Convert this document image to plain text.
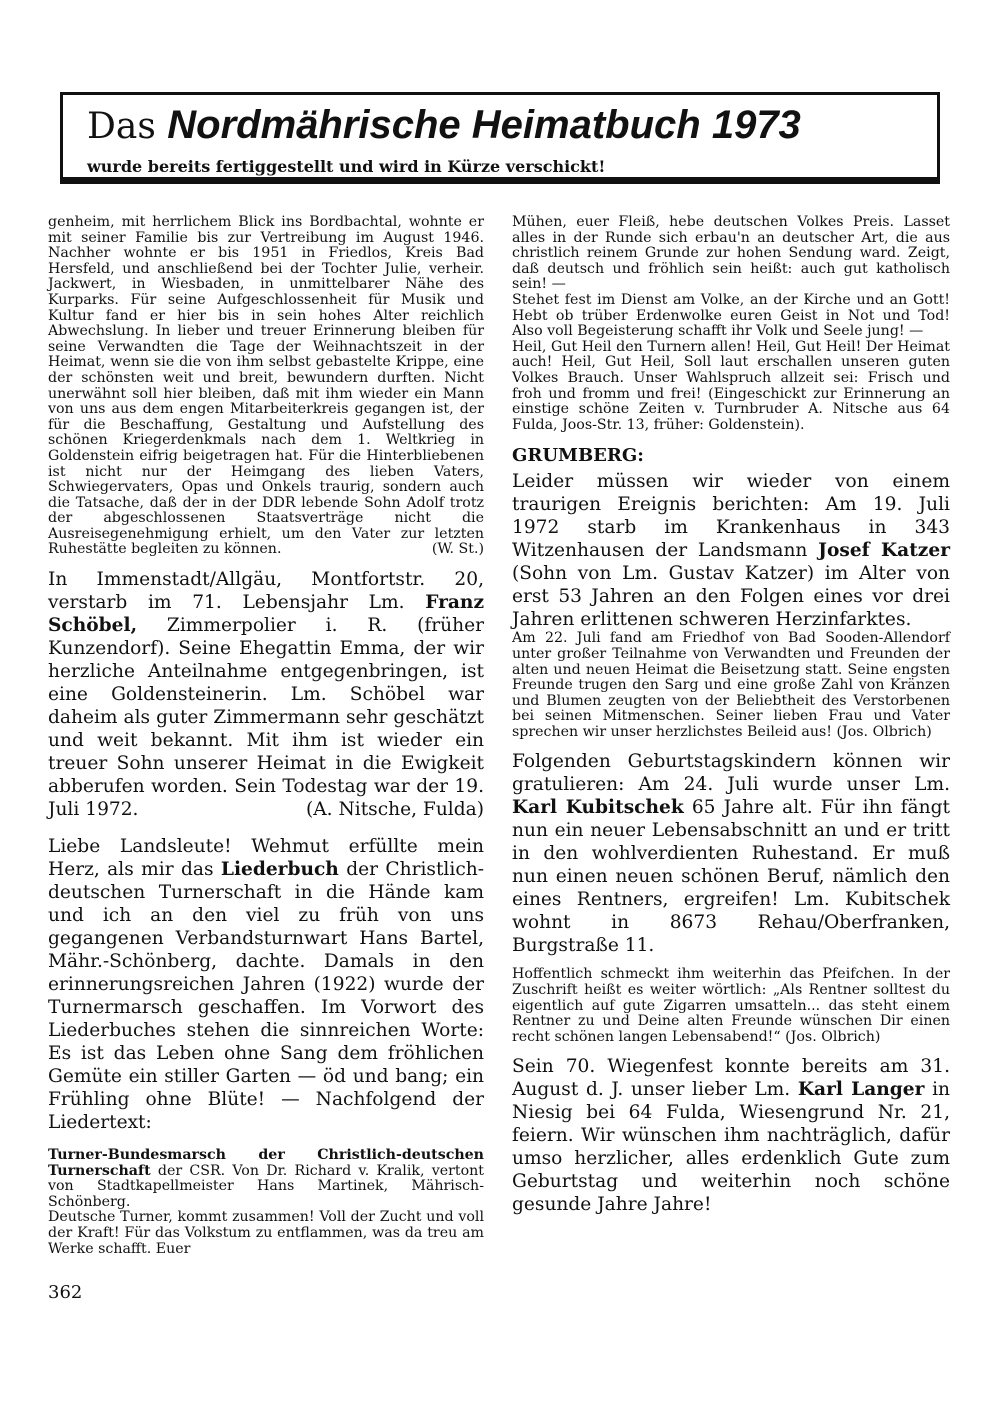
Das Nordmährische Heimatbuch 1973
wurde bereits fertiggestellt und wird in Kürze verschickt!

genheim, mit herrlichem Blick ins Bordbachtal, wohnte er mit seiner Familie bis zur Vertreibung im August 1946. Nachher wohnte er bis 1951 in Friedlos, Kreis Bad Hersfeld, und anschließend bei der Tochter Julie, verheir. Jackwert, in Wiesbaden, in unmittelbarer Nähe des Kurparks. Für seine Aufgeschlossenheit für Musik und Kultur fand er hier bis in sein hohes Alter reichlich Abwechslung. In lieber und treuer Erinnerung bleiben für seine Verwandten die Tage der Weihnachtszeit in der Heimat, wenn sie die von ihm selbst gebastelte Krippe, eine der schönsten weit und breit, bewundern durften. Nicht unerwähnt soll hier bleiben, daß mit ihm wieder ein Mann von uns aus dem engen Mitarbeiterkreis gegangen ist, der für die Beschaffung, Gestaltung und Aufstellung des schönen Kriegerdenkmals nach dem 1. Weltkrieg in Goldenstein eifrig beigetragen hat. Für die Hinterbliebenen ist nicht nur der Heimgang des lieben Vaters, Schwiegervaters, Opas und Onkels traurig, sondern auch die Tatsache, daß der in der DDR lebende Sohn Adolf trotz der abgeschlossenen Staatsverträge nicht die Ausreisegenehmigung erhielt, um den Vater zur letzten Ruhestätte begleiten zu können.	(W. St.)

In Immenstadt/Allgäu, Montfortstr. 20, verstarb im 71. Lebensjahr Lm. Franz Schöbel, Zimmerpolier i. R. (früher Kunzendorf). Seine Ehegattin Emma, der wir herzliche Anteilnahme entgegenbringen, ist eine Goldensteinerin. Lm. Schöbel war daheim als guter Zimmermann sehr geschätzt und weit bekannt. Mit ihm ist wieder ein treuer Sohn unserer Heimat in die Ewigkeit abberufen worden. Sein Todestag war der 19. Juli 1972.	(A. Nitsche, Fulda)

Liebe Landsleute! Wehmut erfüllte mein Herz, als mir das Liederbuch der Christlich-deutschen Turnerschaft in die Hände kam und ich an den viel zu früh von uns gegangenen Verbandsturnwart Hans Bartel, Mähr.-Schönberg, dachte. Damals in den erinnerungsreichen Jahren (1922) wurde der Turnermarsch geschaffen. Im Vorwort des Liederbuches stehen die sinnreichen Worte: Es ist das Leben ohne Sang dem fröhlichen Gemüte ein stiller Garten — öd und bang; ein Frühling ohne Blüte! — Nachfolgend der Liedertext:

Turner-Bundesmarsch der Christlich-deutschen Turnerschaft der CSR. Von Dr. Richard v. Kralik, vertont von Stadtkapellmeister Hans Martinek, Mährisch-Schönberg.

Deutsche Turner, kommt zusammen! Voll der Zucht und voll der Kraft! Für das Volkstum zu entflammen, was da treu am Werke schafft. Euer

Mühen, euer Fleiß, hebe deutschen Volkes Preis. Lasset alles in der Runde sich erbau'n an deutscher Art, die aus christlich reinem Grunde zur hohen Sendung ward. Zeigt, daß deutsch und fröhlich sein heißt: auch gut katholisch sein! —

Stehet fest im Dienst am Volke, an der Kirche und an Gott! Hebt ob trüber Erdenwolke euren Geist in Not und Tod! Also voll Begeisterung schafft ihr Volk und Seele jung! —

Heil, Gut Heil den Turnern allen! Heil, Gut Heil! Der Heimat auch! Heil, Gut Heil, Soll laut erschallen unseren guten Volkes Brauch. Unser Wahlspruch allzeit sei: Frisch und froh und fromm und frei! (Eingeschickt zur Erinnerung an einstige schöne Zeiten v. Turnbruder A. Nitsche aus 64 Fulda, Joos-Str. 13, früher: Goldenstein).

GRUMBERG:

Leider müssen wir wieder von einem traurigen Ereignis berichten: Am 19. Juli 1972 starb im Krankenhaus in 343 Witzenhausen der Landsmann Josef Katzer (Sohn von Lm. Gustav Katzer) im Alter von erst 53 Jahren an den Folgen eines vor drei Jahren erlittenen schweren Herzinfarktes.

Am 22. Juli fand am Friedhof von Bad Sooden-Allendorf unter großer Teilnahme von Verwandten und Freunden der alten und neuen Heimat die Beisetzung statt. Seine engsten Freunde trugen den Sarg und eine große Zahl von Kränzen und Blumen zeugten von der Beliebtheit des Verstorbenen bei seinen Mitmenschen. Seiner lieben Frau und Vater sprechen wir unser herzlichstes Beileid aus! (Jos. Olbrich)

Folgenden Geburtstagskindern können wir gratulieren: Am 24. Juli wurde unser Lm. Karl Kubitschek 65 Jahre alt. Für ihn fängt nun ein neuer Lebensabschnitt an und er tritt in den wohlverdienten Ruhestand. Er muß nun einen neuen schönen Beruf, nämlich den eines Rentners, ergreifen! Lm. Kubitschek wohnt in 8673 Rehau/Oberfranken, Burgstraße 11.

Hoffentlich schmeckt ihm weiterhin das Pfeifchen. In der Zuschrift heißt es weiter wörtlich: „Als Rentner solltest du eigentlich auf gute Zigarren umsatteln... das steht einem Rentner zu und Deine alten Freunde wünschen Dir einen recht schönen langen Lebensabend!“ (Jos. Olbrich)

Sein 70. Wiegenfest konnte bereits am 31. August d. J. unser lieber Lm. Karl Langer in Niesig bei 64 Fulda, Wiesengrund Nr. 21, feiern. Wir wünschen ihm nachträglich, dafür umso herzlicher, alles erdenklich Gute zum Geburtstag und weiterhin noch schöne gesunde Jahre Jahre!

362
